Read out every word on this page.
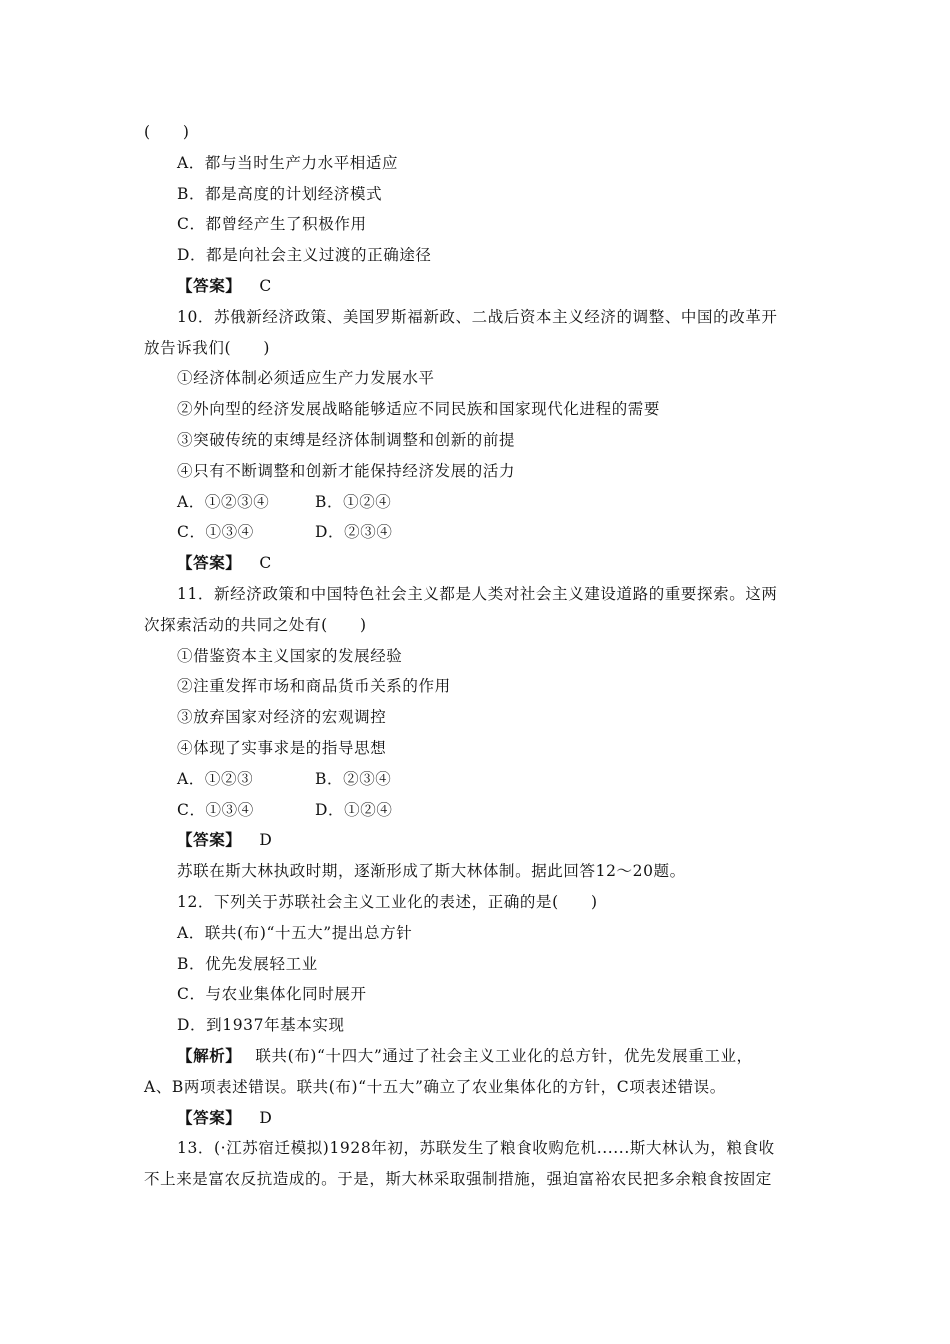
(　　)
A．都与当时生产力水平相适应
B．都是高度的计划经济模式
C．都曾经产生了积极作用
D．都是向社会主义过渡的正确途径
【答案】 C
10．苏俄新经济政策、美国罗斯福新政、二战后资本主义经济的调整、中国的改革开
放告诉我们(　　)
①经济体制必须适应生产力发展水平
②外向型的经济发展战略能够适应不同民族和国家现代化进程的需要
③突破传统的束缚是经济体制调整和创新的前提
④只有不断调整和创新才能保持经济发展的活力
A．①②③④	B．①②④
C．①③④	D．②③④
【答案】 C
11．新经济政策和中国特色社会主义都是人类对社会主义建设道路的重要探索。这两
次探索活动的共同之处有(　　)
①借鉴资本主义国家的发展经验
②注重发挥市场和商品货币关系的作用
③放弃国家对经济的宏观调控
④体现了实事求是的指导思想
A．①②③	B．②③④
C．①③④	D．①②④
【答案】 D
苏联在斯大林执政时期，逐渐形成了斯大林体制。据此回答12～20题。
12．下列关于苏联社会主义工业化的表述，正确的是(　　)
A．联共(布)“十五大”提出总方针
B．优先发展轻工业
C．与农业集体化同时展开
D．到1937年基本实现
【解析】 联共(布)“十四大”通过了社会主义工业化的总方针，优先发展重工业，
A、B两项表述错误。联共(布)“十五大”确立了农业集体化的方针，C项表述错误。
【答案】 D
13．(·江苏宿迁模拟)1928年初，苏联发生了粮食收购危机......斯大林认为，粮食收
不上来是富农反抗造成的。于是，斯大林采取强制措施，强迫富裕农民把多余粮食按固定
